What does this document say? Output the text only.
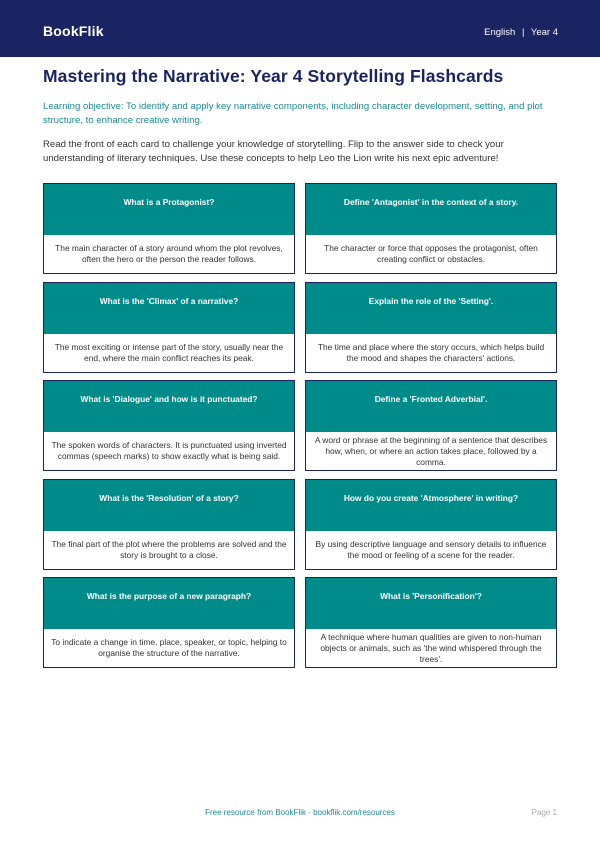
BookFlik	English | Year 4
Mastering the Narrative: Year 4 Storytelling Flashcards

Learning objective: To identify and apply key narrative components, including character development, setting, and plot structure, to enhance creative writing.

Read the front of each card to challenge your knowledge of storytelling. Flip to the answer side to check your understanding of literary techniques. Use these concepts to help Leo the Lion write his next epic adventure!

What is a Protagonist?
The main character of a story around whom the plot revolves, often the hero or the person the reader follows.
Define 'Antagonist' in the context of a story.
The character or force that opposes the protagonist, often creating conflict or obstacles.
What is the 'Climax' of a narrative?
The most exciting or intense part of the story, usually near the end, where the main conflict reaches its peak.
Explain the role of the 'Setting'.
The time and place where the story occurs, which helps build the mood and shapes the characters' actions.
What is 'Dialogue' and how is it punctuated?
The spoken words of characters. It is punctuated using inverted commas (speech marks) to show exactly what is being said.
Define a 'Fronted Adverbial'.
A word or phrase at the beginning of a sentence that describes how, when, or where an action takes place, followed by a comma.
What is the 'Resolution' of a story?
The final part of the plot where the problems are solved and the story is brought to a close.
How do you create 'Atmosphere' in writing?
By using descriptive language and sensory details to influence the mood or feeling of a scene for the reader.
What is the purpose of a new paragraph?
To indicate a change in time, place, speaker, or topic, helping to organise the structure of the narrative.
What is 'Personification'?
A technique where human qualities are given to non-human objects or animals, such as 'the wind whispered through the trees'.
Free resource from BookFlik · bookflik.com/resources	Page 1
